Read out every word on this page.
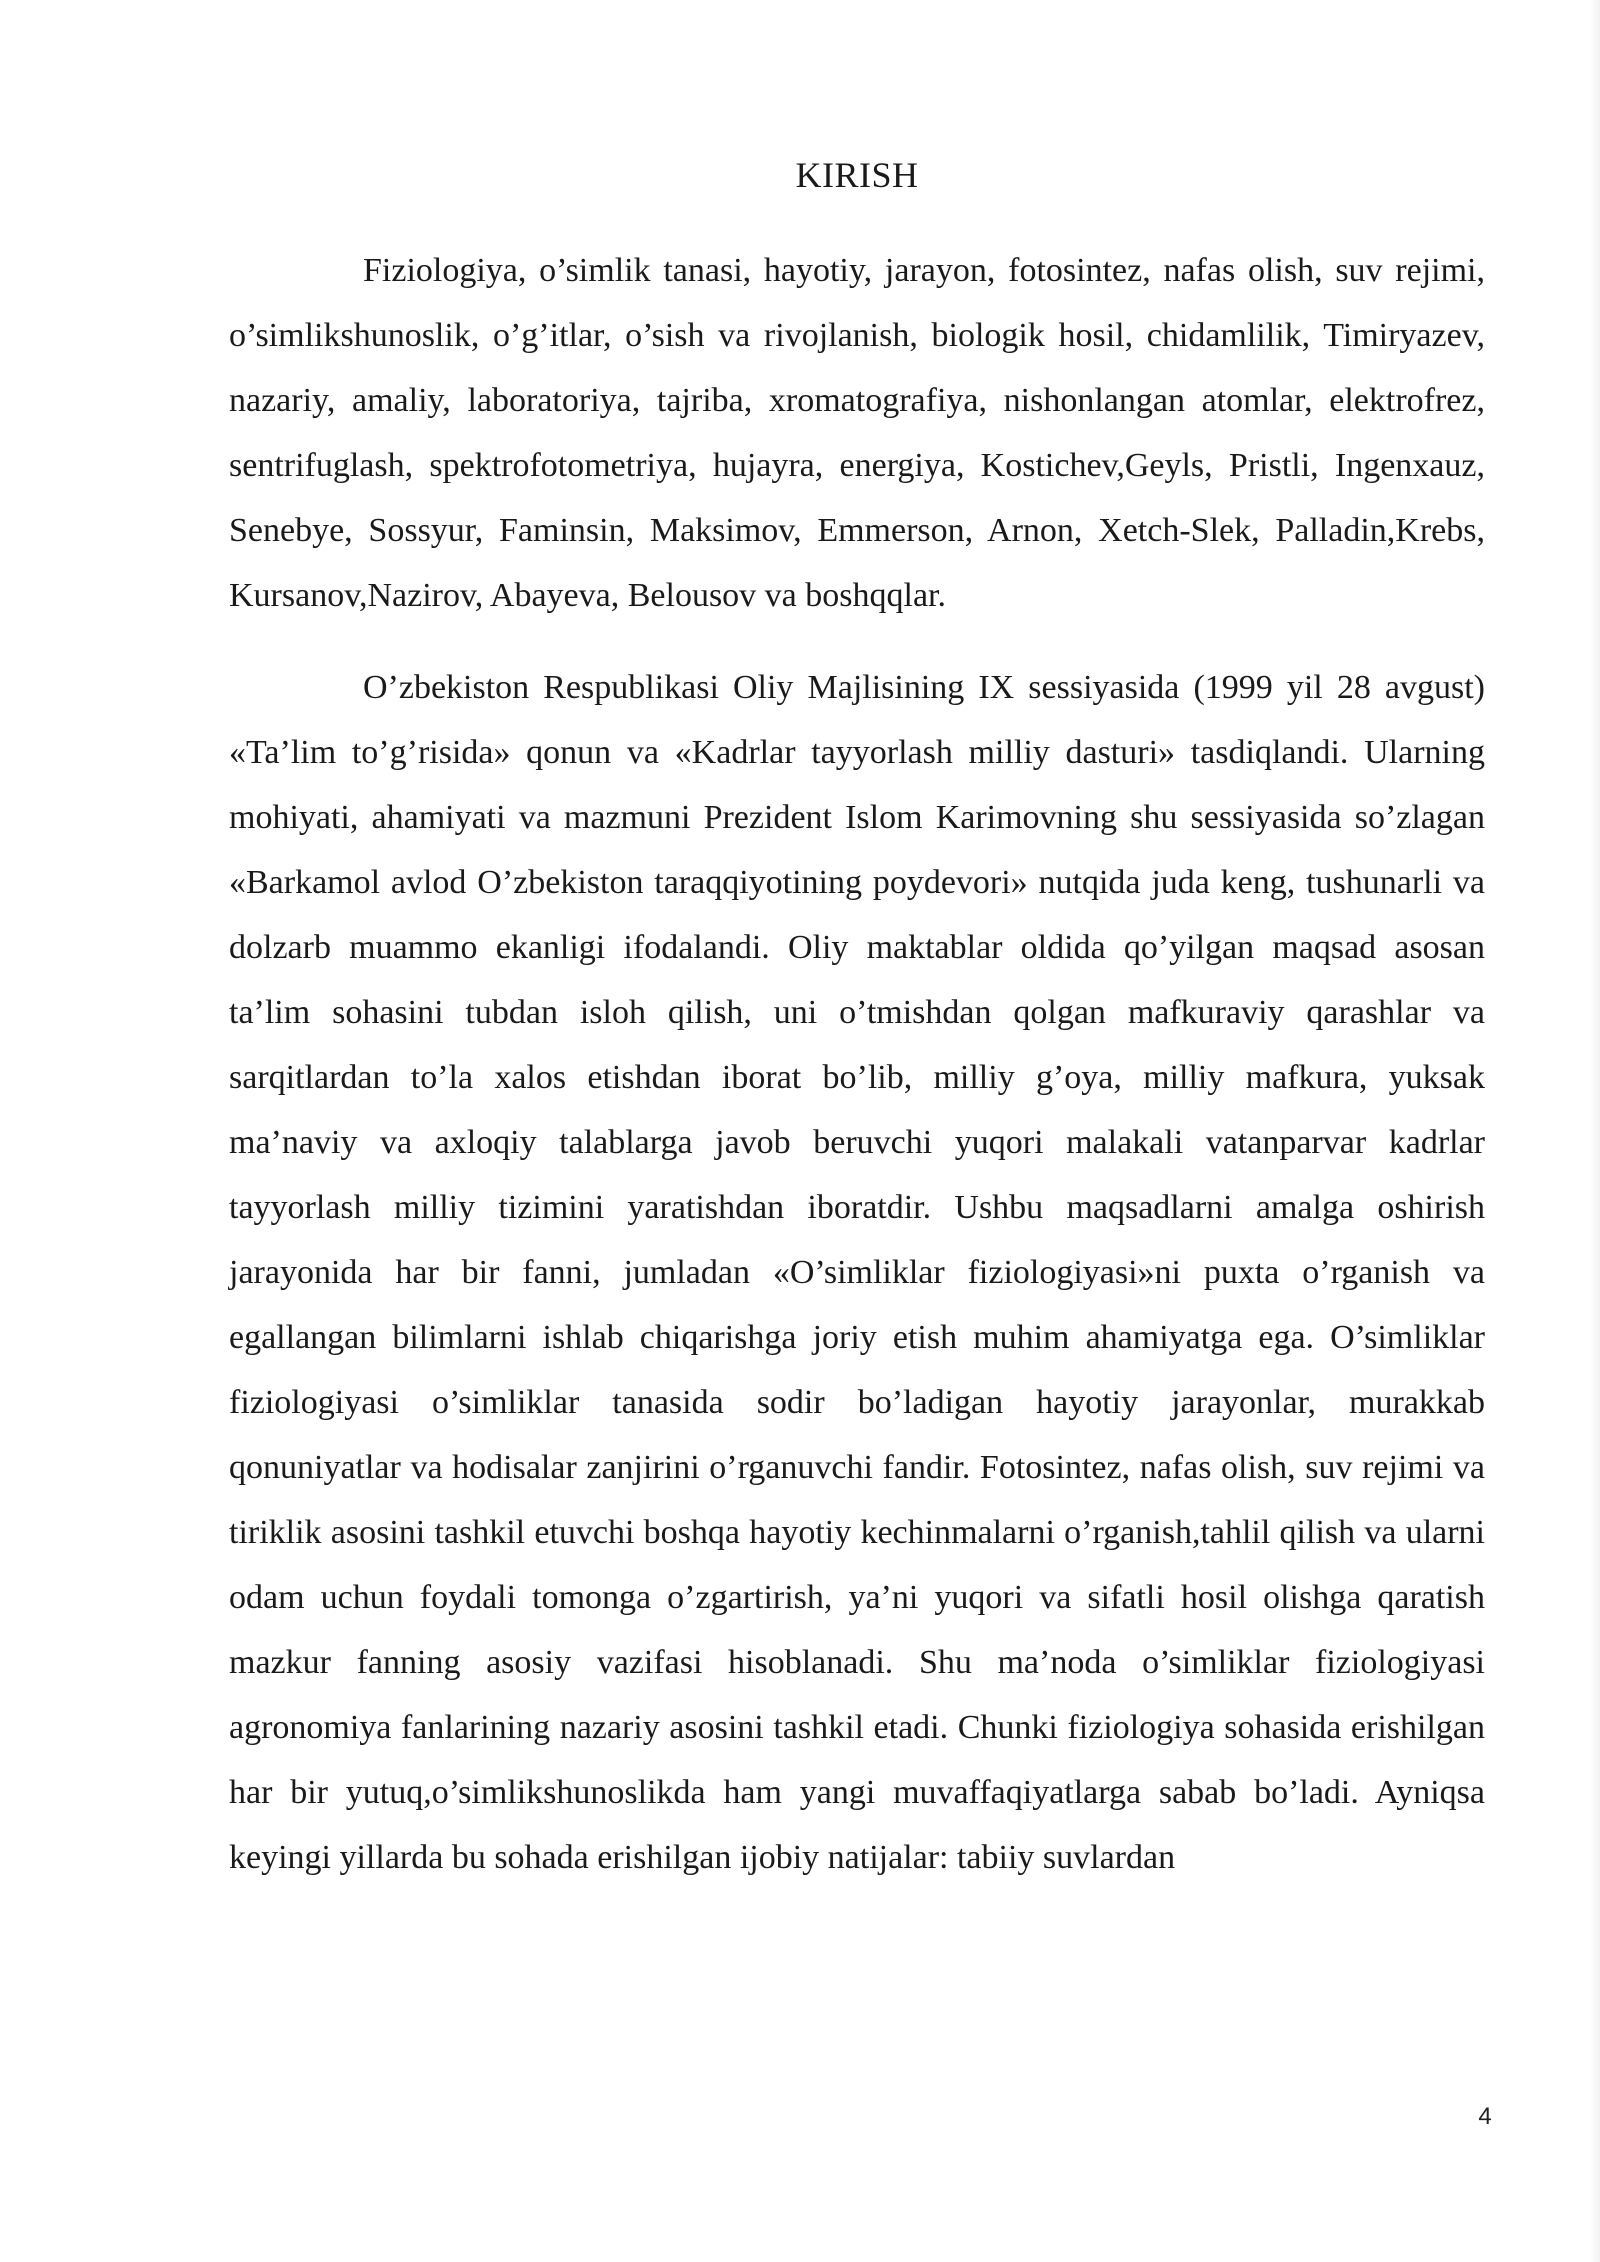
KIRISH

Fiziologiya, o’simlik tanasi, hayotiy, jarayon, fotosintez, nafas olish, suv rejimi, o’simlikshunoslik, o’g’itlar, o’sish va rivojlanish, biologik hosil, chidamlilik, Timiryazev, nazariy, amaliy, laboratoriya, tajriba, xromatografiya, nishonlangan atomlar, elektrofrez, sentrifuglash, spektrofotometriya, hujayra, energiya, Kostichev,Geyls, Pristli, Ingenxauz, Senebye, Sossyur, Faminsin, Maksimov, Emmerson, Arnon, Xetch-Slek, Palladin,Krebs, Kursanov,Nazirov, Abayeva, Belousov va boshqqlar.

O’zbekiston Respublikasi Oliy Majlisining IX sessiyasida (1999 yil 28 avgust) «Ta’lim to’g’risida» qonun va «Kadrlar tayyorlash milliy dasturi» tasdiqlandi. Ularning mohiyati, ahamiyati va mazmuni Prezident Islom Karimovning shu sessiyasida so’zlagan «Barkamol avlod O’zbekiston taraqqiyotining poydevori» nutqida juda keng, tushunarli va dolzarb muammo ekanligi ifodalandi. Oliy maktablar oldida qo’yilgan maqsad asosan ta’lim sohasini tubdan isloh qilish, uni o’tmishdan qolgan mafkuraviy qarashlar va sarqitlardan to’la xalos etishdan iborat bo’lib, milliy g’oya, milliy mafkura, yuksak ma’naviy va axloqiy talablarga javob beruvchi yuqori malakali vatanparvar kadrlar tayyorlash milliy tizimini yaratishdan iboratdir. Ushbu maqsadlarni amalga oshirish jarayonida har bir fanni, jumladan «O’simliklar fiziologiyasi»ni puxta o’rganish va egallangan bilimlarni ishlab chiqarishga joriy etish muhim ahamiyatga ega. O’simliklar fiziologiyasi o’simliklar tanasida sodir bo’ladigan hayotiy jarayonlar, murakkab qonuniyatlar va hodisalar zanjirini o’rganuvchi fandir. Fotosintez, nafas olish, suv rejimi va tiriklik asosini tashkil etuvchi boshqa hayotiy kechinmalarni o’rganish,tahlil qilish va ularni odam uchun foydali tomonga o’zgartirish, ya’ni yuqori va sifatli hosil olishga qaratish mazkur fanning asosiy vazifasi hisoblanadi. Shu ma’noda o’simliklar fiziologiyasi agronomiya fanlarining nazariy asosini tashkil etadi. Chunki fiziologiya sohasida erishilgan har bir yutuq,o’simlikshunoslikda ham yangi muvaffaqiyatlarga sabab bo’ladi. Ayniqsa keyingi yillarda bu sohada erishilgan ijobiy natijalar: tabiiy suvlardan

4
